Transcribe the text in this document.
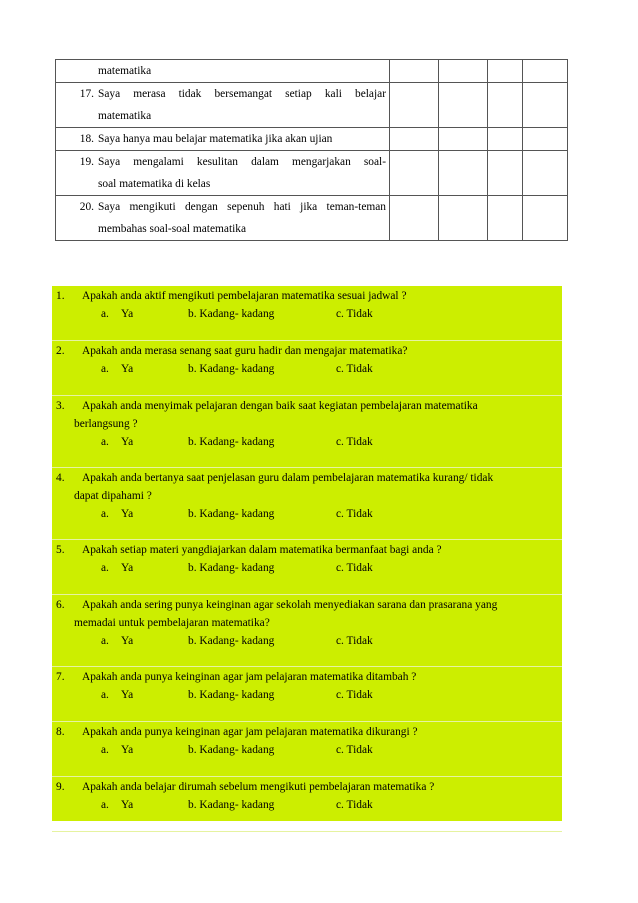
matematika				

17. Saya merasa tidak bersemangat setiap kali belajar
matematika				

18. Saya hanya mau belajar matematika jika akan ujian				

19. Saya mengalami kesulitan dalam mengarjakan soal-
soal matematika di kelas				

20. Saya mengikuti dengan sepenuh hati jika teman-teman
membahas soal-soal matematika				

1. Apakah anda aktif mengikuti pembelajaran matematika sesuai jadwal ?
a. Ya	b. Kadang- kadang	c. Tidak
2. Apakah anda merasa senang saat guru hadir dan mengajar matematika?
a. Ya	b. Kadang- kadang	c. Tidak
3. Apakah anda menyimak pelajaran dengan baik saat kegiatan pembelajaran matematika
berlangsung ?
a. Ya	b. Kadang- kadang	c. Tidak
4. Apakah anda bertanya saat penjelasan guru dalam pembelajaran matematika kurang/ tidak
dapat dipahami ?
a. Ya	b. Kadang- kadang	c. Tidak
5. Apakah setiap materi yangdiajarkan dalam matematika bermanfaat bagi anda ?
a. Ya	b. Kadang- kadang	c. Tidak
6. Apakah anda sering punya keinginan agar sekolah menyediakan sarana dan prasarana yang
memadai untuk pembelajaran matematika?
a. Ya	b. Kadang- kadang	c. Tidak
7. Apakah anda punya keinginan agar jam pelajaran matematika ditambah ?
a. Ya	b. Kadang- kadang	c. Tidak
8. Apakah anda punya keinginan agar jam pelajaran matematika dikurangi ?
a. Ya	b. Kadang- kadang	c. Tidak
9. Apakah anda belajar dirumah sebelum mengikuti pembelajaran matematika ?
a. Ya	b. Kadang- kadang	c. Tidak
